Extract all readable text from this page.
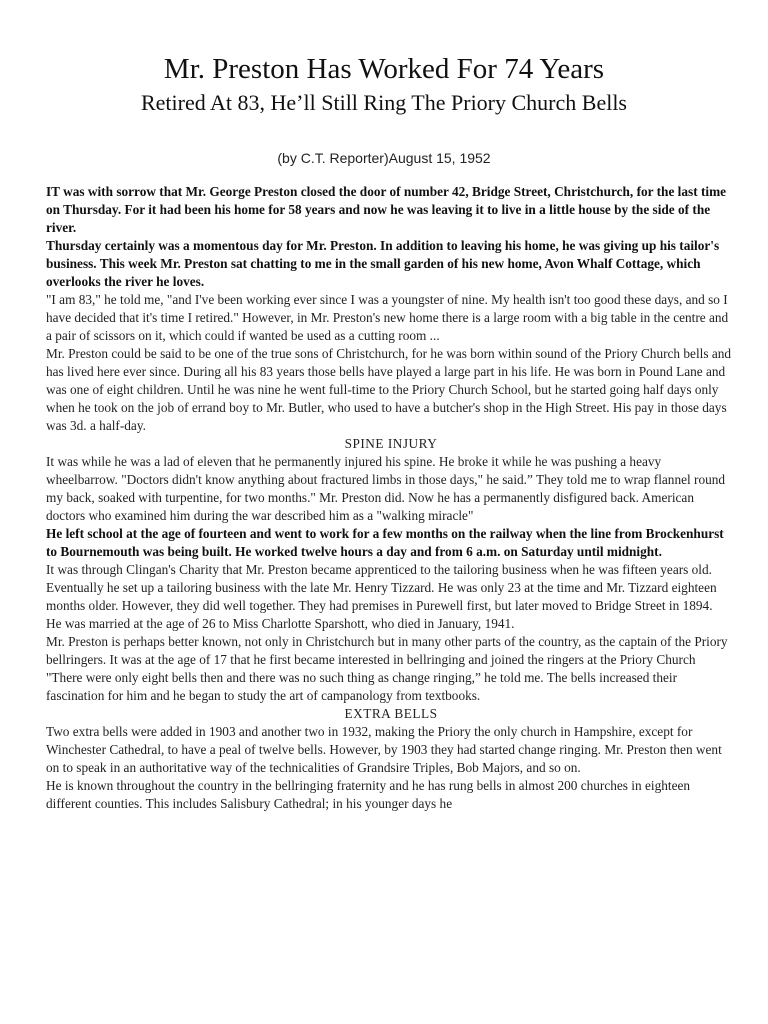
Mr. Preston Has Worked For 74 Years
Retired At 83, He’ll Still Ring The Priory Church Bells
(by C.T. Reporter)August 15, 1952

IT was with sorrow that Mr. George Preston closed the door of number 42, Bridge Street, Christchurch, for the last time on Thursday. For it had been his home for 58 years and now he was leaving it to live in a little house by the side of the river.

Thursday certainly was a momentous day for Mr. Preston. In addition to leaving his home, he was giving up his tailor's business. This week Mr. Preston sat chatting to me in the small garden of his new home, Avon Whalf Cottage, which overlooks the river he loves.

"I am 83," he told me, "and I've been working ever since I was a youngster of nine. My health isn't too good these days, and so I have decided that it's time I retired." However, in Mr. Preston's new home there is a large room with a big table in the centre and a pair of scissors on it, which could if wanted be used as a cutting room ...

Mr. Preston could be said to be one of the true sons of Christchurch, for he was born within sound of the Priory Church bells and has lived here ever since. During all his 83 years those bells have played a large part in his life. He was born in Pound Lane and was one of eight children. Until he was nine he went full-time to the Priory Church School, but he started going half days only when he took on the job of errand boy to Mr. Butler, who used to have a butcher's shop in the High Street. His pay in those days was 3d. a half-day.

SPINE INJURY

It was while he was a lad of eleven that he permanently injured his spine. He broke it while he was pushing a heavy wheelbarrow. "Doctors didn't know anything about fractured limbs in those days," he said.” They told me to wrap flannel round my back, soaked with turpentine, for two months." Mr. Preston did. Now he has a permanently disfigured back. American doctors who examined him during the war described him as a "walking miracle"

He left school at the age of fourteen and went to work for a few months on the railway when the line from Brockenhurst to Bournemouth was being built. He worked twelve hours a day and from 6 a.m. on Saturday until midnight.

It was through Clingan's Charity that Mr. Preston became apprenticed to the tailoring business when he was fifteen years old.

Eventually he set up a tailoring business with the late Mr. Henry Tizzard. He was only 23 at the time and Mr. Tizzard eighteen months older. However, they did well together. They had premises in Purewell first, but later moved to Bridge Street in 1894.

He was married at the age of 26 to Miss Charlotte Sparshott, who died in January, 1941.

Mr. Preston is perhaps better known, not only in Christchurch but in many other parts of the country, as the captain of the Priory bellringers. It was at the age of 17 that he first became interested in bellringing and joined the ringers at the Priory Church

"There were only eight bells then and there was no such thing as change ringing,” he told me. The bells increased their fascination for him and he began to study the art of campanology from textbooks.

EXTRA BELLS

Two extra bells were added in 1903 and another two in 1932, making the Priory the only church in Hampshire, except for Winchester Cathedral, to have a peal of twelve bells. However, by 1903 they had started change ringing. Mr. Preston then went on to speak in an authoritative way of the technicalities of Grandsire Triples, Bob Majors, and so on.

He is known throughout the country in the bellringing fraternity and he has rung bells in almost 200 churches in eighteen different counties. This includes Salisbury Cathedral; in his younger days he
